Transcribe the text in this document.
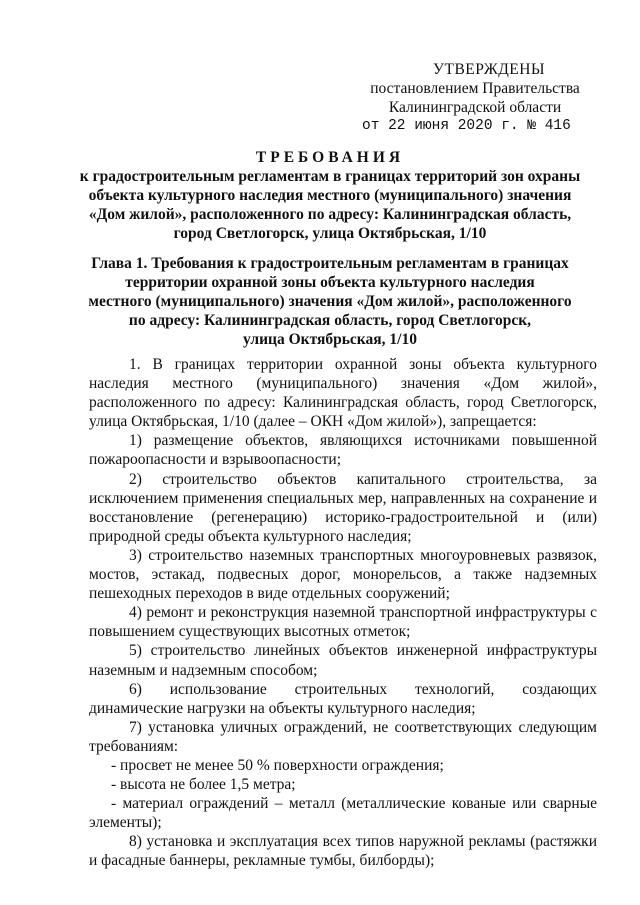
УТВЕРЖДЕНЫ
постановлением Правительства
Калининградской области
от 22 июня 2020 г. № 416
ТРЕБОВАНИЯ
к градостроительным регламентам в границах территорий зон охраны
объекта культурного наследия местного (муниципального) значения
«Дом жилой», расположенного по адресу: Калининградская область,
город Светлогорск, улица Октябрьская, 1/10
Глава 1. Требования к градостроительным регламентам в границах
территории охранной зоны объекта культурного наследия
местного (муниципального) значения «Дом жилой», расположенного
по адресу: Калининградская область, город Светлогорск,
улица Октябрьская, 1/10

1. В границах территории охранной зоны объекта культурного наследия местного (муниципального) значения «Дом жилой», расположенного по адресу: Калининградская область, город Светлогорск, улица Октябрьская, 1/10 (далее – ОКН «Дом жилой»), запрещается:

1) размещение объектов, являющихся источниками повышенной пожароопасности и взрывоопасности;

2) строительство объектов капитального строительства, за исключением применения специальных мер, направленных на сохранение и восстановление (регенерацию) историко-градостроительной и (или) природной среды объекта культурного наследия;

3) строительство наземных транспортных многоуровневых развязок, мостов, эстакад, подвесных дорог, монорельсов, а также надземных пешеходных переходов в виде отдельных сооружений;

4) ремонт и реконструкция наземной транспортной инфраструктуры с повышением существующих высотных отметок;

5) строительство линейных объектов инженерной инфраструктуры наземным и надземным способом;

6) использование строительных технологий, создающих динамические нагрузки на объекты культурного наследия;

7) установка уличных ограждений, не соответствующих следующим требованиям:

- просвет не менее 50 % поверхности ограждения;

- высота не более 1,5 метра;

- материал ограждений – металл (металлические кованые или сварные элементы);

8) установка и эксплуатация всех типов наружной рекламы (растяжки и фасадные баннеры, рекламные тумбы, билборды);
